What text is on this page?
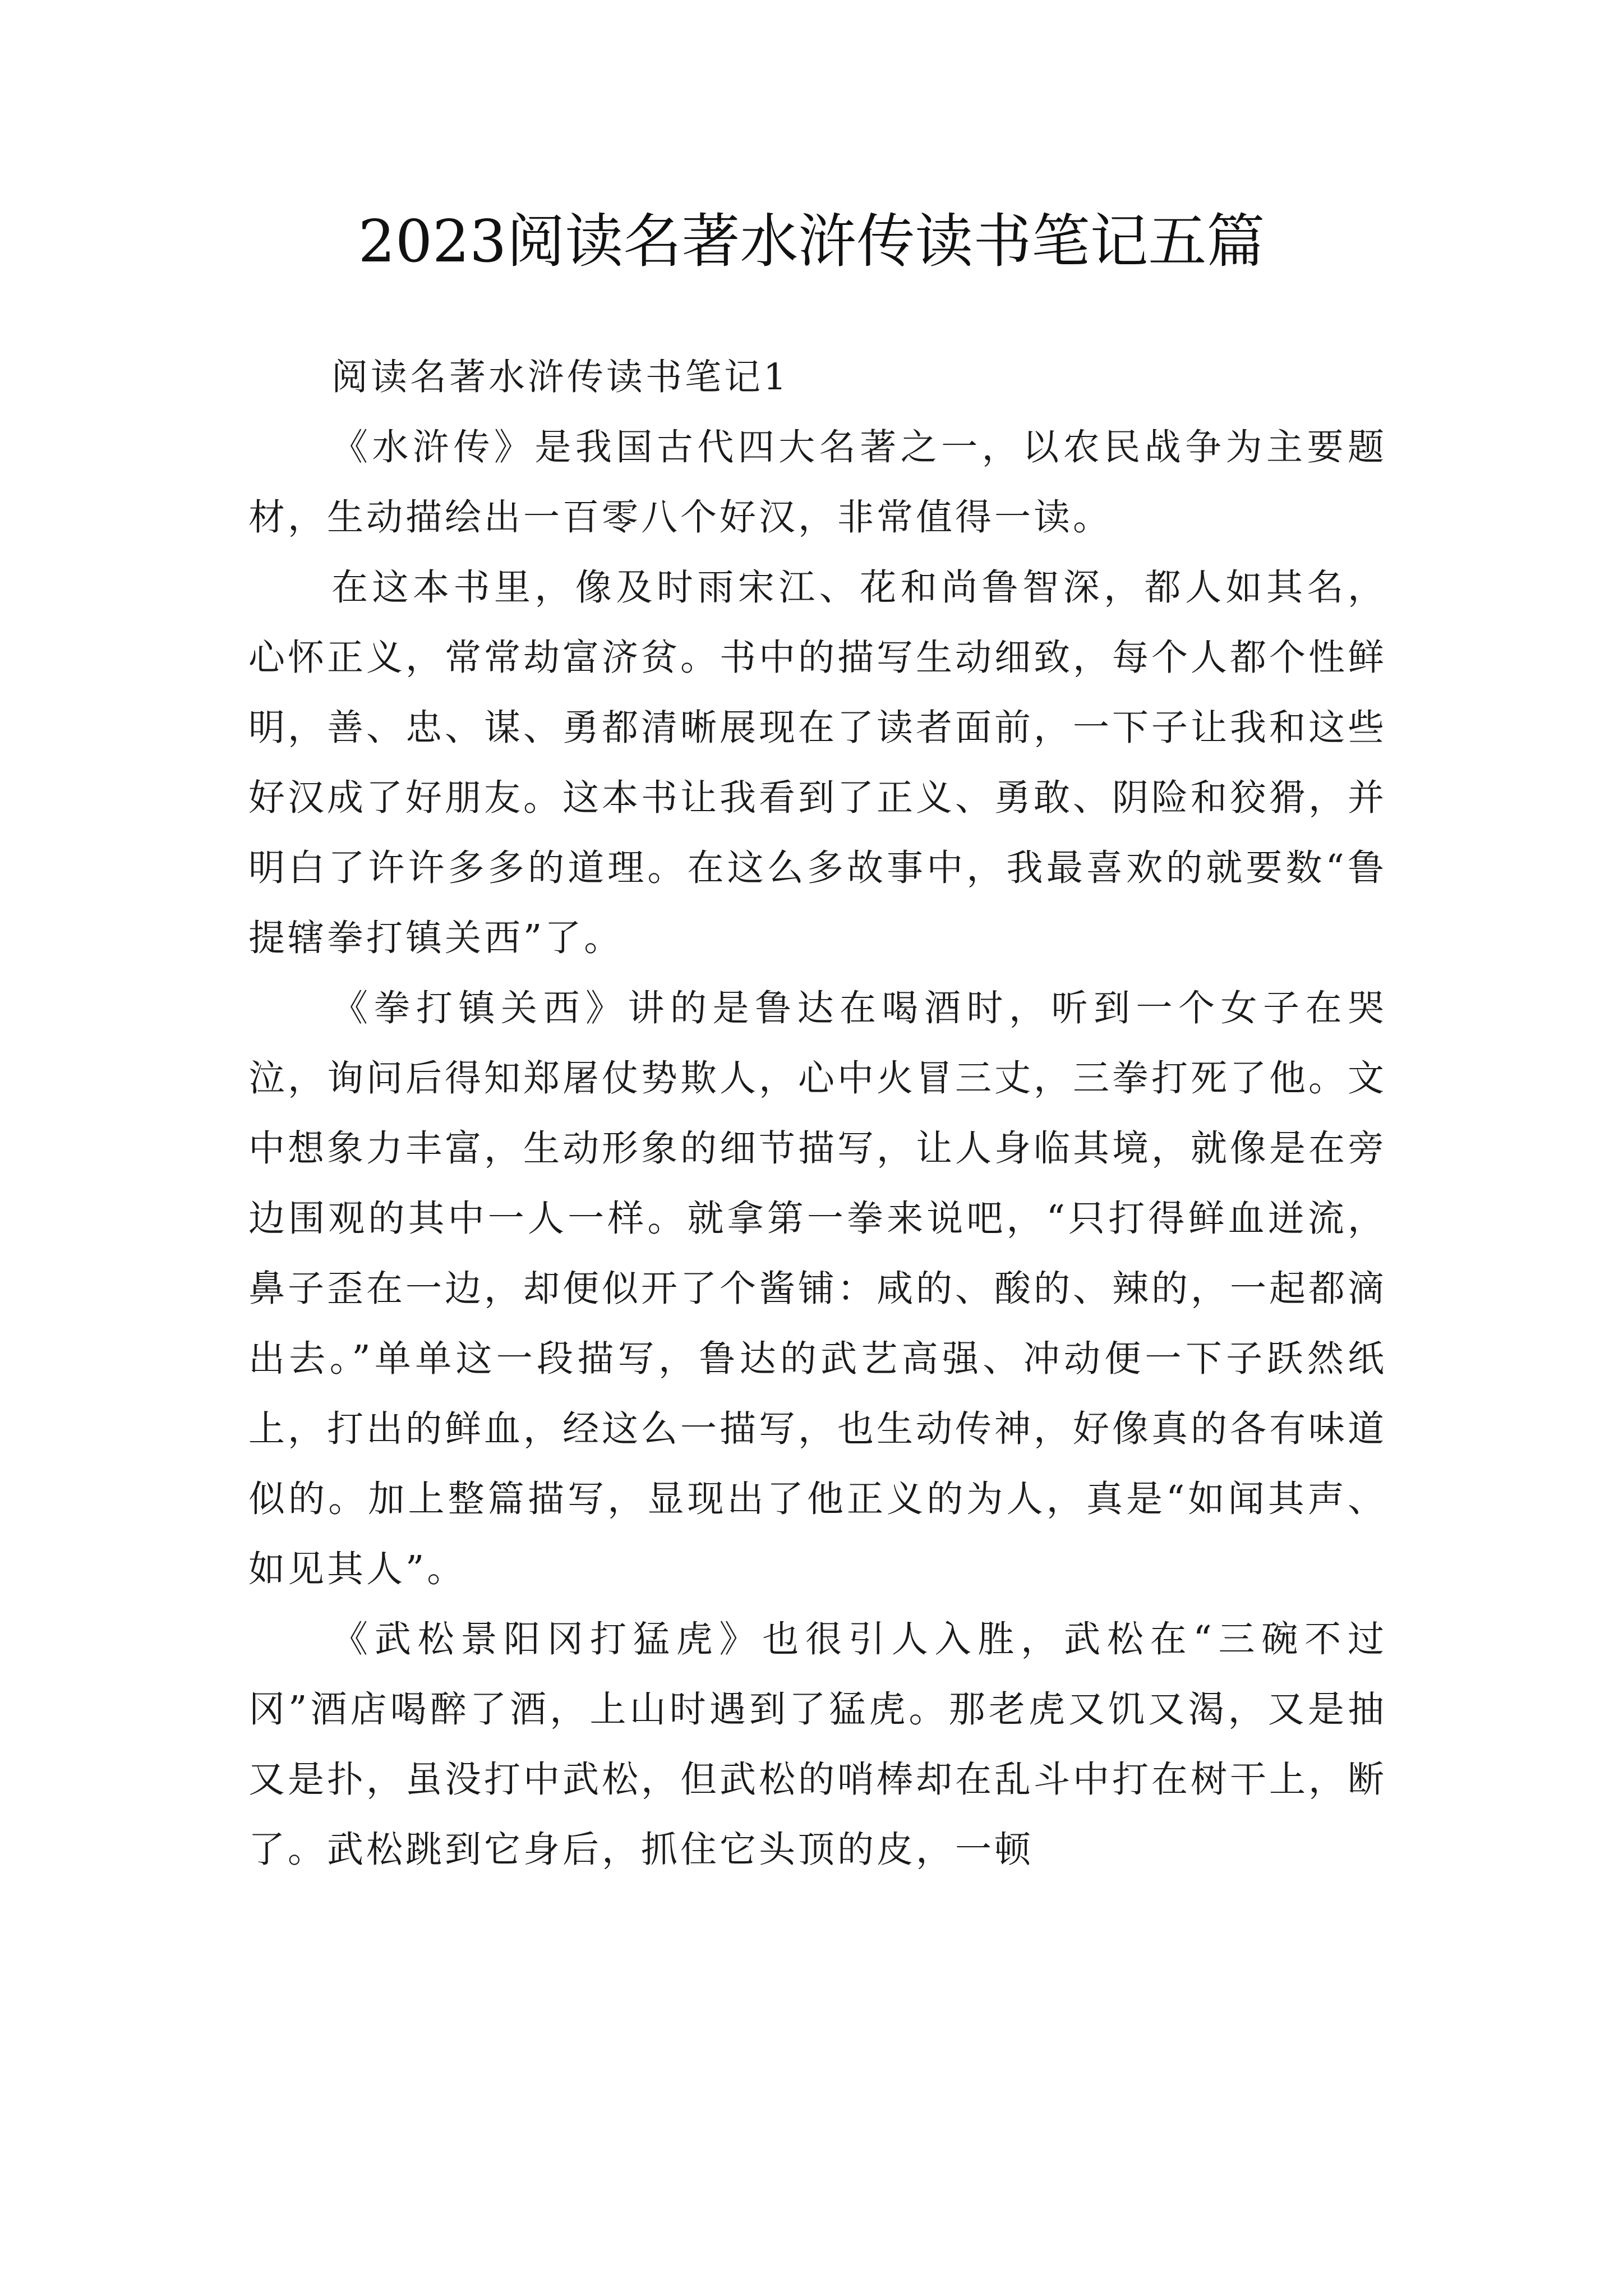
2023阅读名著水浒传读书笔记五篇

阅读名著水浒传读书笔记1

《水浒传》是我国古代四大名著之一，以农民战争为主要题材，生动描绘出一百零八个好汉，非常值得一读。

在这本书里，像及时雨宋江、花和尚鲁智深，都人如其名，心怀正义，常常劫富济贫。书中的描写生动细致，每个人都个性鲜明，善、忠、谋、勇都清晰展现在了读者面前，一下子让我和这些好汉成了好朋友。这本书让我看到了正义、勇敢、阴险和狡猾，并明白了许许多多的道理。在这么多故事中，我最喜欢的就要数“鲁提辖拳打镇关西”了。

《拳打镇关西》讲的是鲁达在喝酒时，听到一个女子在哭泣，询问后得知郑屠仗势欺人，心中火冒三丈，三拳打死了他。文中想象力丰富，生动形象的细节描写，让人身临其境，就像是在旁边围观的其中一人一样。就拿第一拳来说吧，“只打得鲜血迸流，鼻子歪在一边，却便似开了个酱铺：咸的、酸的、辣的，一起都滴出去。”单单这一段描写，鲁达的武艺高强、冲动便一下子跃然纸上，打出的鲜血，经这么一描写，也生动传神，好像真的各有味道似的。加上整篇描写，显现出了他正义的为人，真是“如闻其声、如见其人”。

《武松景阳冈打猛虎》也很引人入胜，武松在“三碗不过冈”酒店喝醉了酒，上山时遇到了猛虎。那老虎又饥又渴，又是抽又是扑，虽没打中武松，但武松的哨棒却在乱斗中打在树干上，断了。武松跳到它身后，抓住它头顶的皮，一顿
